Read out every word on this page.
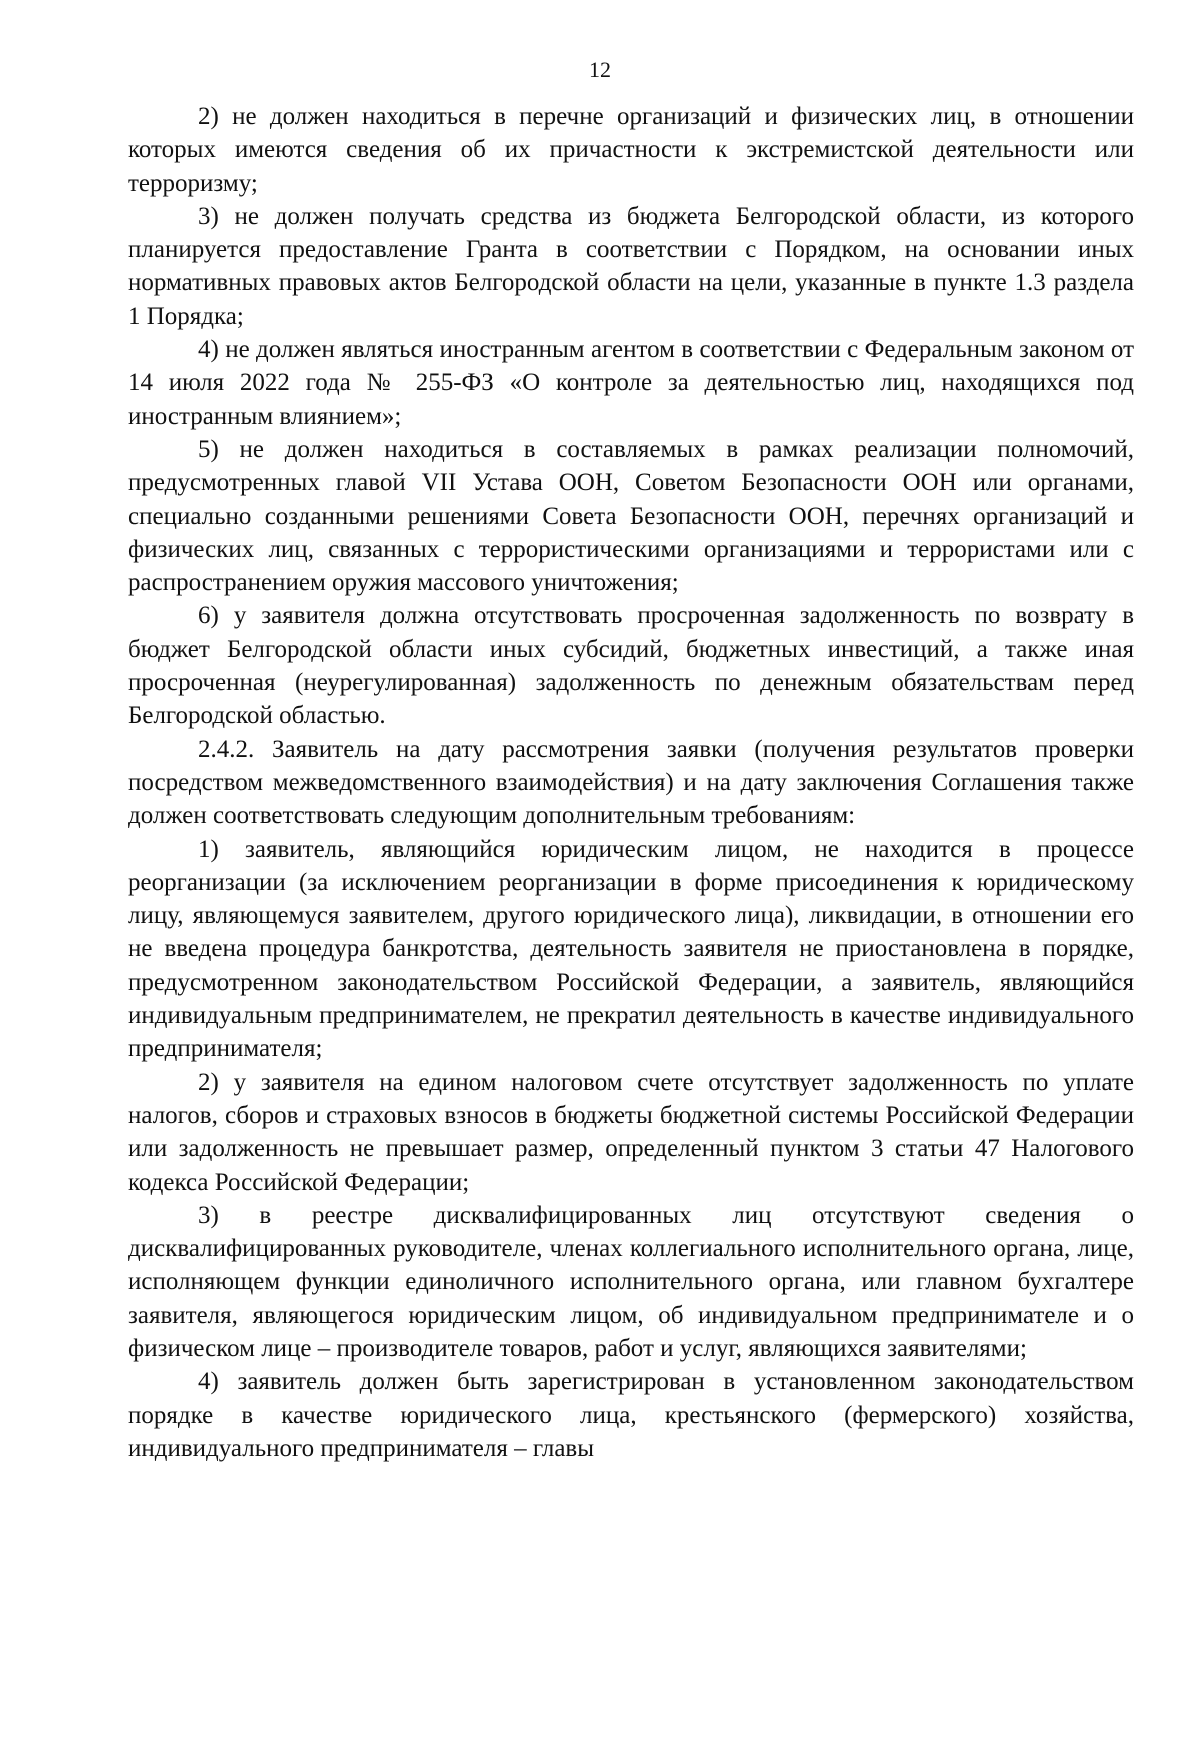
12

2) не должен находиться в перечне организаций и физических лиц, в отношении которых имеются сведения об их причастности к экстремистской деятельности или терроризму;

3) не должен получать средства из бюджета Белгородской области, из которого планируется предоставление Гранта в соответствии с Порядком, на основании иных нормативных правовых актов Белгородской области на цели, указанные в пункте 1.3 раздела 1 Порядка;

4) не должен являться иностранным агентом в соответствии с Федеральным законом от 14 июля 2022 года № 255-ФЗ «О контроле за деятельностью лиц, находящихся под иностранным влиянием»;

5) не должен находиться в составляемых в рамках реализации полномочий, предусмотренных главой VII Устава ООН, Советом Безопасности ООН или органами, специально созданными решениями Совета Безопасности ООН, перечнях организаций и физических лиц, связанных с террористическими организациями и террористами или с распространением оружия массового уничтожения;

6) у заявителя должна отсутствовать просроченная задолженность по возврату в бюджет Белгородской области иных субсидий, бюджетных инвестиций, а также иная просроченная (неурегулированная) задолженность по денежным обязательствам перед Белгородской областью.

2.4.2. Заявитель на дату рассмотрения заявки (получения результатов проверки посредством межведомственного взаимодействия) и на дату заключения Соглашения также должен соответствовать следующим дополнительным требованиям:

1) заявитель, являющийся юридическим лицом, не находится в процессе реорганизации (за исключением реорганизации в форме присоединения к юридическому лицу, являющемуся заявителем, другого юридического лица), ликвидации, в отношении его не введена процедура банкротства, деятельность заявителя не приостановлена в порядке, предусмотренном законодательством Российской Федерации, а заявитель, являющийся индивидуальным предпринимателем, не прекратил деятельность в качестве индивидуального предпринимателя;

2) у заявителя на едином налоговом счете отсутствует задолженность по уплате налогов, сборов и страховых взносов в бюджеты бюджетной системы Российской Федерации или задолженность не превышает размер, определенный пунктом 3 статьи 47 Налогового кодекса Российской Федерации;

3) в реестре дисквалифицированных лиц отсутствуют сведения о дисквалифицированных руководителе, членах коллегиального исполнительного органа, лице, исполняющем функции единоличного исполнительного органа, или главном бухгалтере заявителя, являющегося юридическим лицом, об индивидуальном предпринимателе и о физическом лице – производителе товаров, работ и услуг, являющихся заявителями;

4) заявитель должен быть зарегистрирован в установленном законодательством порядке в качестве юридического лица, крестьянского (фермерского) хозяйства, индивидуального предпринимателя – главы
